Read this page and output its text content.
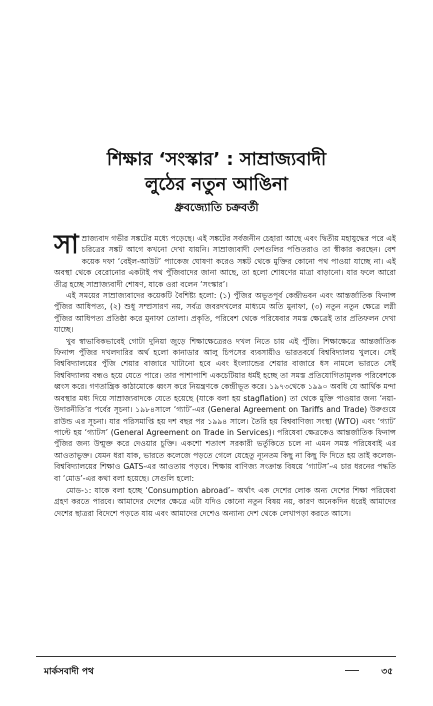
শিক্ষার ‘সংস্কার’ : সাম্রাজ্যবাদী
লুঠের নতুন আঙিনা
ধ্রুবজ্যোতি চক্রবর্তী

সাম্রাজ্যবাদ গভীর সঙ্কটের মধ্যে পড়েছে। এই সঙ্কটের সর্বজনীন চেহারা আছে এবং দ্বিতীয় মহাযুদ্ধের পরে এই চরিত্রের সঙ্কট আগে কখনো দেখা যায়নি। সাম্রাজ্যবাদী দেশগুলির পণ্ডিতরাও তা স্বীকার করছেন। বেশ কয়েক দফা ‘বেইল-আউট’ প্যাকেজ ঘোষণা করেও সঙ্কট থেকে মুক্তির কোনো পথ পাওয়া যাচ্ছে না। এই অবস্থা থেকে বেরোনোর একটাই পথ পুঁজিবাদের জানা আছে, তা হলো শোষণের মাত্রা বাড়ানো। যার ফলে আরো তীব্র হচ্ছে সাম্রাজ্যবাদী শোষণ, যাকে ওরা বলেন ‘সংস্কার’।

এই সময়ের সাম্রাজ্যবাদের কয়েকটি বৈশিষ্ট্য হলো: (১) পুঁজির অভূতপূর্ব কেন্দ্রীভবন এবং আন্তর্জাতিক ফিনান্স পুঁজির আধিপত্য, (২) শুধু সম্প্রসারণ নয়, সর্বত্র জবরদখলের মাধ্যমে অতি মুনাফা, (৩) নতুন নতুন ক্ষেত্রে লগ্নী পুঁজির আধিপত্য প্রতিষ্ঠা করে মুনাফা তোলা। প্রকৃতি, পরিবেশ থেকে পরিষেবার সমস্ত ক্ষেত্রেই তার প্রতিফলন দেখা যাচ্ছে।

খুব স্বাভাবিকভাবেই গোটা দুনিয়া জুড়ে শিক্ষাক্ষেত্রেরও দখল নিতে চায় এই পুঁজি। শিক্ষাক্ষেত্রে আন্তর্জাতিক ফিনান্স পুঁজির দখলদারির অর্থ হলো কানাডার আলু চিপসের ব্যবসায়ীও ভারতবর্ষে বিশ্ববিদ্যালয় খুলবে। সেই বিশ্ববিদ্যালয়ের পুঁজি শেয়ার বাজারে খাটানো হবে এবং ইংল্যান্ডের শেয়ার বাজারে ধস নামলে ভারতে সেই বিশ্ববিদ্যালয় বন্ধও হয়ে যেতে পারে। তার পাশাপাশি একচেটিয়ার ধর্মই হচ্ছে তা সমস্ত প্রতিযোগিতামূলক পরিবেশকে ধ্বংস করে। গণতান্ত্রিক কাঠামোকে ধ্বংস করে নিয়ন্ত্রণকে কেন্দ্রীভূত করে। ১৯৭৩থেকে ১৯৯০ অবধি যে আর্থিক মন্দা অবস্থার মধ্য দিয়ে সাম্রাজ্যবাদকে যেতে হয়েছে (যাকে বলা হয় stagflation) তা থেকে মুক্তি পাওয়ার জন্য ‘নয়া-উদারনীতি’র পর্বের সূচনা। ১৯৮৪সালে ‘গ্যাট’-এর (General Agreement on Tariffs and Trade) উরুগুয়ে রাউন্ড এর সূচনা। যার পরিসমাপ্তি হয় দশ বছর পর ১৯৯৪ সালে। তৈরি হয় বিশ্ববাণিজ্য সংস্থা (WTO) এবং ‘গ্যাট’ পাল্টে হয় ‘গ্যাটস’ (General Agreement on Trade in Services)। পরিষেবা ক্ষেত্রকেও আন্তর্জাতিক ফিনান্স পুঁজির জন্য উন্মুক্ত করে দেওয়ার চুক্তি। একশো শতাংশ সরকারী ভর্তুকিতে চলে না এমন সমস্ত পরিষেবাই এর আওতাভুক্ত। যেমন ধরা যাক, ভারতে কলেজে পড়তে গেলে যেহেতু ন্যূনতম কিছু না কিছু ফি দিতে হয় তাই কলেজ-বিশ্ববিদ্যালয়ের শিক্ষাও GATS-এর আওতায় পড়বে। শিক্ষায় বাণিজ্য সংক্রান্ত বিষয়ে ‘গ্যাটস’-এ চার ধরনের পদ্ধতি বা ‘মোড’-এর কথা বলা হয়েছে। সেগুলি হলো:

মোড-১: যাকে বলা হচ্ছে ‘Consumption abroad’– অর্থাৎ এক দেশের লোক অন্য দেশের শিক্ষা পরিষেবা গ্রহণ করতে পারবে। আমাদের দেশের ক্ষেত্রে এটা যদিও কোনো নতুন বিষয় নয়, কারণ অনেকদিন ধরেই আমাদের দেশের ছাত্ররা বিদেশে পড়তে যায় এবং আমাদের দেশেও অন্যান্য দেশ থেকে লেখাপড়া করতে আসে।

মার্কসবাদী পথ	৩৫
